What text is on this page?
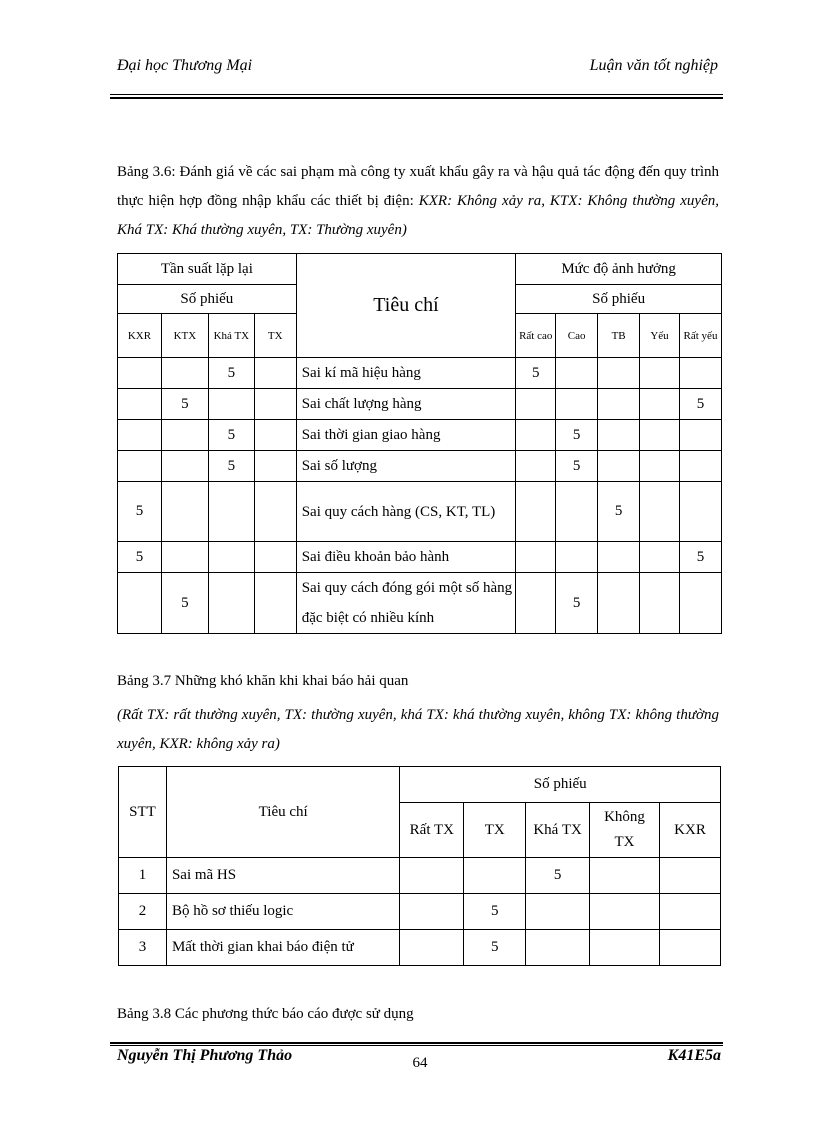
Đại học Thương Mại	Luận văn tốt nghiệp
Bảng 3.6: Đánh giá về các sai phạm mà công ty xuất khẩu gây ra và hậu quả tác động đến quy trình thực hiện hợp đồng nhập khẩu các thiết bị điện: KXR: Không xảy ra, KTX: Không thường xuyên, Khá TX: Khá thường xuyên, TX: Thường xuyên)
Tần suất lặp lại				Tiêu chí	Mức độ ảnh hưởng				
Số phiếu					Số phiếu				
KXR	KTX	Khá TX	TX		Rất cao	Cao	TB	Yếu	Rất yếu
		5		Sai kí mã hiệu hàng	5				
	5			Sai chất lượng hàng					5
		5		Sai thời gian giao hàng		5			
		5		Sai số lượng		5			
5				Sai quy cách hàng (CS, KT, TL)			5		
5				Sai điều khoản bảo hành					5
	5			Sai quy cách đóng gói một số hàng đặc biệt có nhiều kính		5			
Bảng 3.7 Những khó khăn khi khai báo hải quan
(Rất TX: rất thường xuyên, TX: thường xuyên, khá TX: khá thường xuyên, không TX: không thường xuyên, KXR: không xảy ra)
STT	Tiêu chí	Số phiếu				
		Rất TX	TX	Khá TX	Không TX	KXR
1	Sai mã HS			5		
2	Bộ hồ sơ thiếu logic		5			
3	Mất thời gian khai báo điện tử		5			
Bảng 3.8 Các phương thức báo cáo được sử dụng
Nguyễn Thị Phương Thảo	64	K41E5a
